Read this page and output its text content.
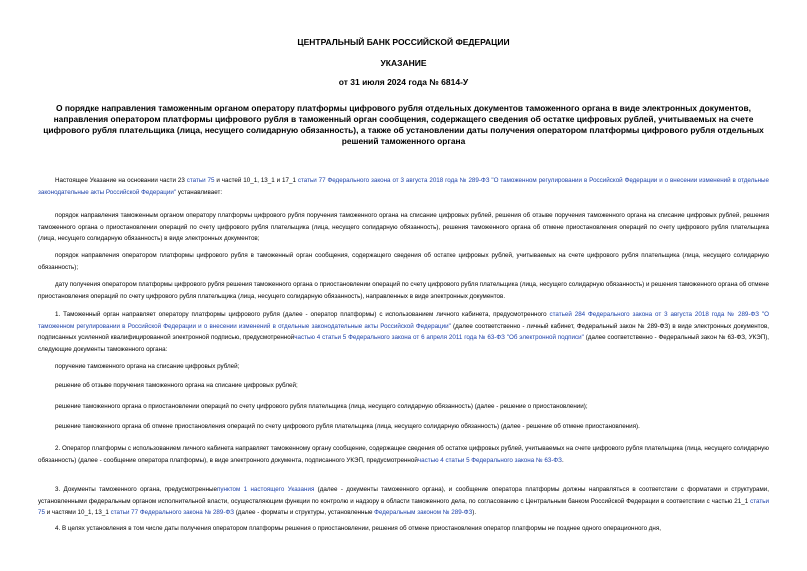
ЦЕНТРАЛЬНЫЙ БАНК РОССИЙСКОЙ ФЕДЕРАЦИИ
УКАЗАНИЕ
от 31 июля 2024 года № 6814-У
О порядке направления таможенным органом оператору платформы цифрового рубля отдельных документов таможенного органа в виде электронных документов, направления оператором платформы цифрового рубля в таможенный орган сообщения, содержащего сведения об остатке цифровых рублей, учитываемых на счете цифрового рубля плательщика (лица, несущего солидарную обязанность), а также об установлении даты получения оператором платформы цифрового рубля отдельных решений таможенного органа
Настоящее Указание на основании части 23 статьи 75 и частей 10_1, 13_1 и 17_1 статьи 77 Федерального закона от 3 августа 2018 года № 289-ФЗ "О таможенном регулировании в Российской Федерации и о внесении изменений в отдельные законодательные акты Российской Федерации" устанавливает:
порядок направления таможенным органом оператору платформы цифрового рубля поручения таможенного органа на списание цифровых рублей, решения об отзыве поручения таможенного органа на списание цифровых рублей, решения таможенного органа о приостановлении операций по счету цифрового рубля плательщика (лица, несущего солидарную обязанность), решения таможенного органа об отмене приостановления операций по счету цифрового рубля плательщика (лица, несущего солидарную обязанность) в виде электронных документов;
порядок направления оператором платформы цифрового рубля в таможенный орган сообщения, содержащего сведения об остатке цифровых рублей, учитываемых на счете цифрового рубля плательщика (лица, несущего солидарную обязанность);
дату получения оператором платформы цифрового рубля решения таможенного органа о приостановлении операций по счету цифрового рубля плательщика (лица, несущего солидарную обязанность) и решения таможенного органа об отмене приостановления операций по счету цифрового рубля плательщика (лица, несущего солидарную обязанность), направленных в виде электронных документов.
1. Таможенный орган направляет оператору платформы цифрового рубля (далее - оператор платформы) с использованием личного кабинета, предусмотренного статьей 284 Федерального закона от 3 августа 2018 года № 289-ФЗ "О таможенном регулировании в Российской Федерации и о внесении изменений в отдельные законодательные акты Российской Федерации" (далее соответственно - личный кабинет, Федеральный закон № 289-ФЗ) в виде электронных документов, подписанных усиленной квалифицированной электронной подписью, предусмотреннойчастью 4 статьи 5 Федерального закона от 6 апреля 2011 года № 63-ФЗ "Об электронной подписи" (далее соответственно - Федеральный закон № 63-ФЗ, УКЭП), следующие документы таможенного органа:
поручение таможенного органа на списание цифровых рублей;
решение об отзыве поручения таможенного органа на списание цифровых рублей;
решение таможенного органа о приостановлении операций по счету цифрового рубля плательщика (лица, несущего солидарную обязанность) (далее - решение о приостановлении);
решение таможенного органа об отмене приостановления операций по счету цифрового рубля плательщика (лица, несущего солидарную обязанность) (далее - решение об отмене приостановления).
2. Оператор платформы с использованием личного кабинета направляет таможенному органу сообщение, содержащее сведения об остатке цифровых рублей, учитываемых на счете цифрового рубля плательщика (лица, несущего солидарную обязанность) (далее - сообщение оператора платформы), в виде электронного документа, подписанного УКЭП, предусмотреннойчастью 4 статьи 5 Федерального закона № 63-ФЗ.
3. Документы таможенного органа, предусмотренныепунктом 1 настоящего Указания (далее - документы таможенного органа), и сообщение оператора платформы должны направляться в соответствии с форматами и структурами, установленными федеральным органом исполнительной власти, осуществляющим функции по контролю и надзору в области таможенного дела, по согласованию с Центральным банком Российской Федерации в соответствии с частью 21_1 статьи 75 и частями 10_1, 13_1 статьи 77 Федерального закона № 289-ФЗ (далее - форматы и структуры, установленные Федеральным законом № 289-ФЗ).
4. В целях установления в том числе даты получения оператором платформы решения о приостановлении, решения об отмене приостановления оператор платформы не позднее одного операционного дня,
